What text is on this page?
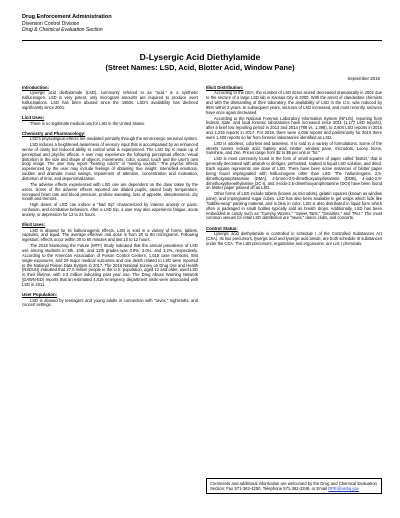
Drug Enforcement Administration
Diversion Control Division
Drug & Chemical Evaluation Section
D-Lysergic Acid Diethylamide
(Street Names: LSD, Acid, Blotter Acid, Window Pane)
September 2019
Introduction:

Lysergic acid diethylamide (LSD), commonly referred to as "acid," is a synthetic hallucinogen. LSD is very potent, only microgram amounts are required to produce overt hallucinations. LSD has been abused since the 1960s. LSD's availability has declined significantly since 2001.

Licit Uses:

There is no legitimate medical use for LSD in the United States.

Chemistry and Pharmacology:

LSD's physiological effects are mediated primarily through the serotonergic neuronal system.

LSD induces a heightened awareness of sensory input that is accompanied by an enhanced sense of clarity but reduced ability to control what is experienced. The LSD trip is made up of perceptual and psychic effects. A user may experience the following perceptual effects: visual distortion in the size and shape of objects, movements, color, sound, touch and the user's own body image. The user may report "hearing colors" or "seeing sounds." The psychic effects experienced by the user may include feelings of obtaining true insight, intensified emotions, sudden and dramatic mood swings, impairment of attention, concentration and motivation, distortion of time, and depersonalization.

The adverse effects experienced with LSD use are dependent on the dose taken by the users. Some of the adverse effects reported are dilated pupils, raised body temperature, increased heart rate and blood pressure, profuse sweating, loss of appetite, sleeplessness, dry mouth and tremors.

High doses of LSD can induce a "bad trip" characterized by intense anxiety or panic, confusion, and combative behaviors. After a LSD trip, a user may also experience fatigue, acute anxiety, or depression for 12 to 24 hours.

Illicit Uses:

LSD is abused for its hallucinogenic effects. LSD is sold in a variety of forms, tablets, capsules, and liquid. The average effective oral dose is from 20 to 80 micrograms. Following ingestion, effects occur within 30 to 60 minutes and last 10 to 12 hours.

The 2018 Monitoring the Future (MTF) Study indicated that the annual prevalence of LSD use among students in 8th, 10th, and 12th grades was 0.9%, 2.0%, and 3.2%, respectively. According to the American Association of Poison Control Centers, 1,018 case mentions, 594 single exposures, and 29 major medical outcomes and one death related to LSD were reported to the National Poison Data System in 2017. The 2018 National Survey on Drug Use and Health (NSDUH) indicated that 27.0 million people in the U.S. population, aged 12 and older, used LSD in their lifetime, with 2.3 million indicating past year use. The Drug Abuse Warning Network (DAWN-ED) reports that an estimated 4,819 emergency department visits were associated with LSD in 2011.

User Population:

LSD is abused by teenagers and young adults in connection with "raves," nightclubs, and concert settings.

Illicit Distribution:

According to the DEA, the number of LSD items seized decreased dramatically in 2002 due to the seizure of a large LSD lab in Kansas City in 2000. With the arrest of clandestine chemists and with the dismantling of their laboratory, the availability of LSD in the U.S. was reduced by 95% within 2 years. In subsequent years, seizures of LSD increased, and most recently, seizures have once again decreased.

According to the National Forensic Laboratory Information System (NFLIS), reporting from federal, state, and local forensic laboratories have increased since 2011 (1,177 LSD reports), after a brief low reporting period in 2013 and 2014 (788 vs. 1,398), to 3,604 LSD reports in 2016 and 4,319 reports in 2017. For 2018, there were 4,036 reports and preliminarily for 2019 there were 1,400 reports so far from forensic laboratories identified as LSD.

LSD is odorless, colorless and tasteless. It is sold in a variety of formulations. Some of the streets names include acid, battery acid, blotter, window pane, microdots, Loony toons, Sunshine, and Zen. Prices range from $2 to $5 per unit or "hit."

LSD is most commonly found in the form of small squares of paper called 'blotter,' that is generally decorated with artwork or designs, perforated, soaked in liquid LSD solution, and dried. Each square represents one dose of LSD. There have been some instances of blotter paper being found impregnated with hallucinogens other than LSD. The hallucinogens, 2,5-dimethoxyamphetamine (DMA), 4-bromo-2,5-dimethoxyamphetamine (DOB), 4-iodo-2,5-dimethoxyphenethylamine (2C-I), and 4-iodo-2,5-dimethoxyamphetamine (DOI) have been found on blotter paper passed off as LSD.

Other forms of LSD include tablets (known as microdots), gelatin squares (known as window pane), and impregnated sugar cubes. LSD has also been available in gel wraps which look like "bubble-wrap" packing material, and is blue in color. LSD is also distributed in liquid form which often is packaged in small bottles typically sold as breath drops. Additionally, LSD has been embedded in candy such as "Gummy Worms," "Sweet Tarts," "Smarties," and "Pez." The most common venues for retail LSD distribution are "raves," dance clubs, and concerts.

Control Status:

Lysergic acid diethylamide is controlled in schedule I of the Controlled Substances Act (CSA). Its two precursors, lysergic acid and lysergic acid amide, are both schedule III substances under the CSA. The LSD precursors, ergotamine and ergonovine, are List I chemicals.

Comments and additional information are welcomed by the Drug and Chemical Evaluation Section; Fax 571-362-4250, Telephone 571-362-3249, or Email DPE@usdoj.gov
